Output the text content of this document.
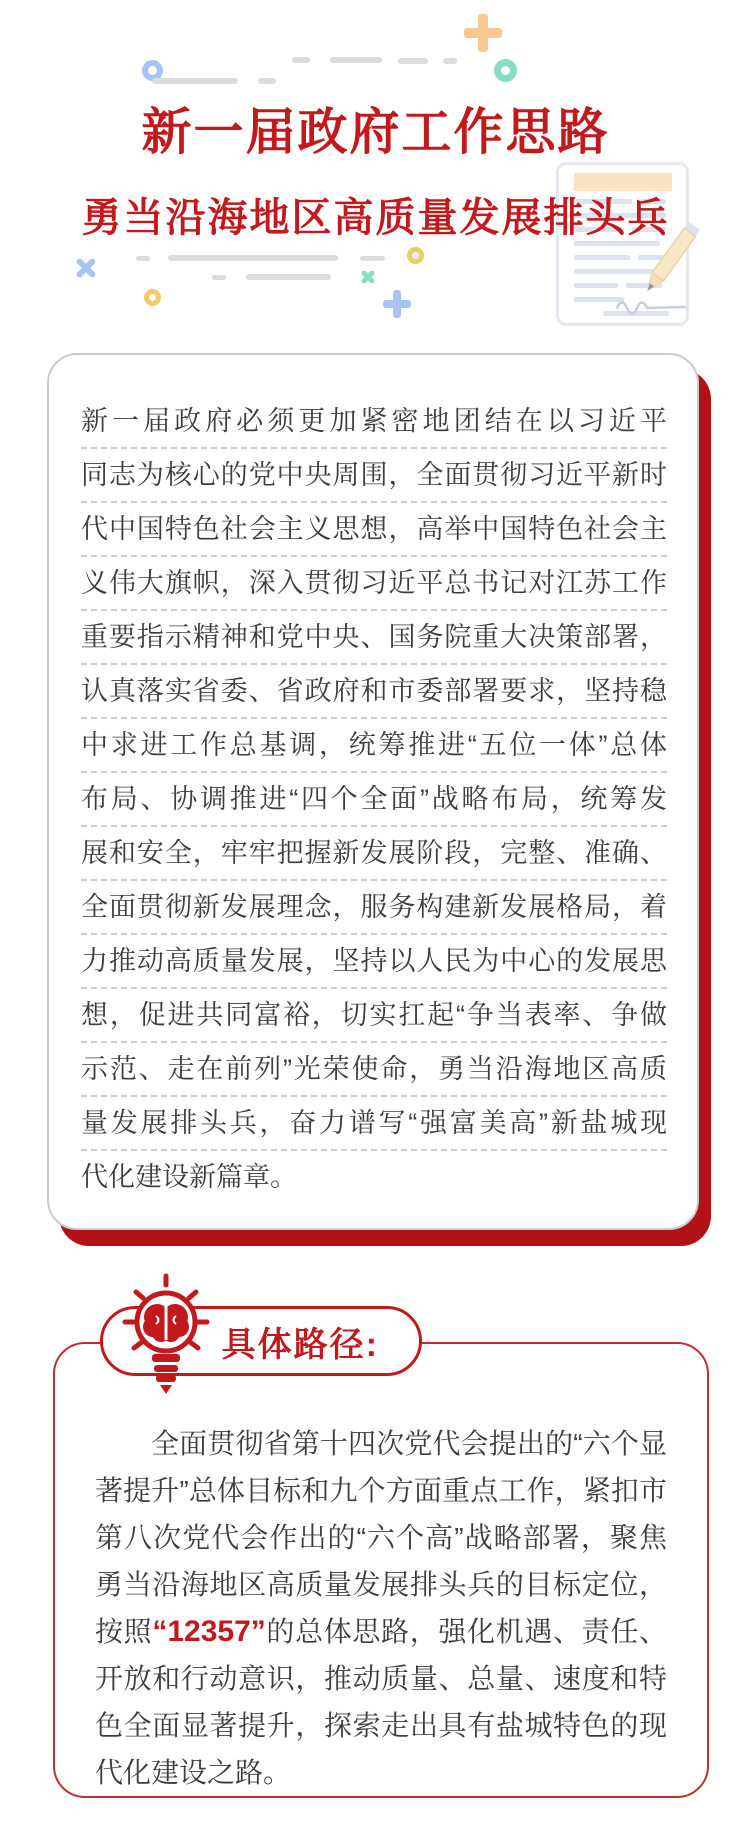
新一届政府工作思路
勇当沿海地区高质量发展排头兵
新一届政府必须更加紧密地团结在以习近平
同志为核心的党中央周围，全面贯彻习近平新时
代中国特色社会主义思想，高举中国特色社会主
义伟大旗帜，深入贯彻习近平总书记对江苏工作
重要指示精神和党中央、国务院重大决策部署，
认真落实省委、省政府和市委部署要求，坚持稳
中求进工作总基调，统筹推进“五位一体”总体
布局、协调推进“四个全面”战略布局，统筹发
展和安全，牢牢把握新发展阶段，完整、准确、
全面贯彻新发展理念，服务构建新发展格局，着
力推动高质量发展，坚持以人民为中心的发展思
想，促进共同富裕，切实扛起“争当表率、争做
示范、走在前列”光荣使命，勇当沿海地区高质
量发展排头兵，奋力谱写“强富美高”新盐城现
代化建设新篇章。
具体路径:

全面贯彻省第十四次党代会提出的“六个显著提升”总体目标和九个方面重点工作，紧扣市第八次党代会作出的“六个高”战略部署，聚焦勇当沿海地区高质量发展排头兵的目标定位，按照“12357”的总体思路，强化机遇、责任、开放和行动意识，推动质量、总量、速度和特色全面显著提升，探索走出具有盐城特色的现代化建设之路。
